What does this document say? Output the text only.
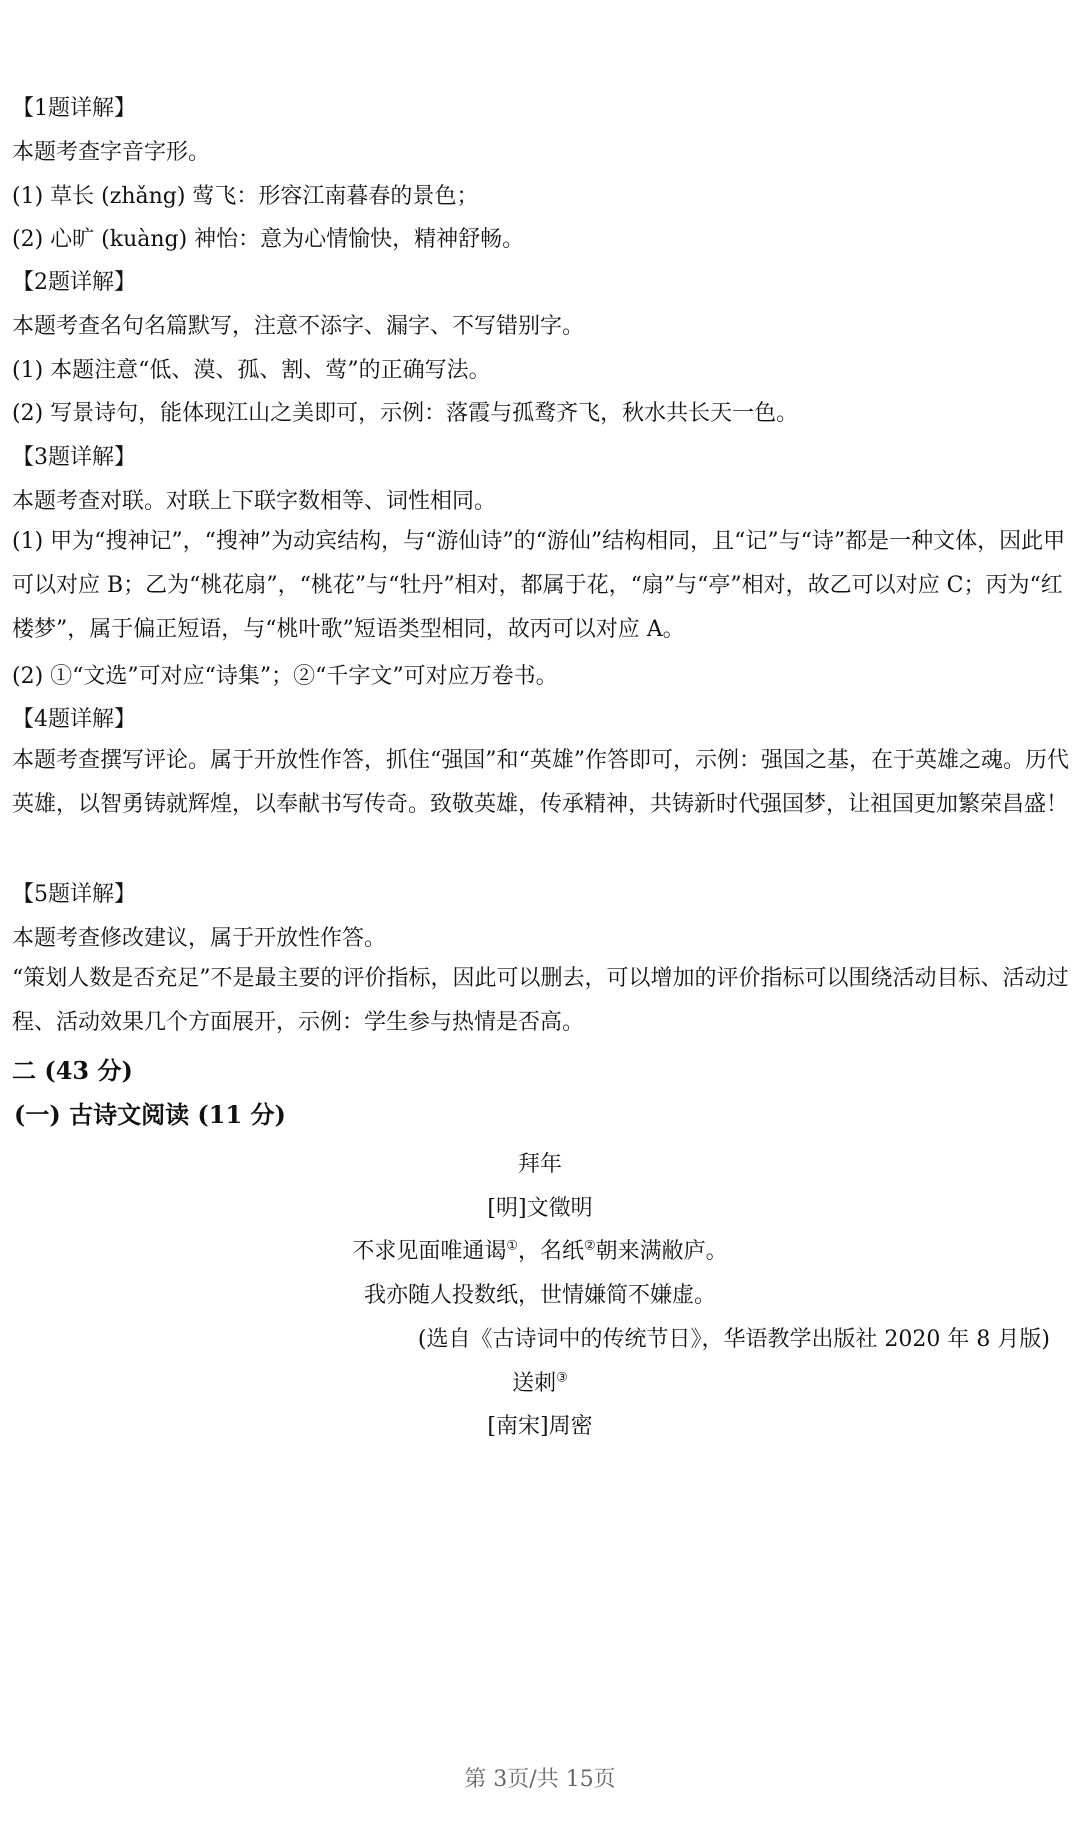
【1题详解】

本题考查字音字形。

(1) 草长 (zhǎng) 莺飞：形容江南暮春的景色；

(2) 心旷 (kuàng) 神怡：意为心情愉快，精神舒畅。

【2题详解】

本题考查名句名篇默写，注意不添字、漏字、不写错别字。

(1) 本题注意“低、漠、孤、割、莺”的正确写法。

(2) 写景诗句，能体现江山之美即可，示例：落霞与孤鹜齐飞，秋水共长天一色。

【3题详解】

本题考查对联。对联上下联字数相等、词性相同。

(1) 甲为“搜神记”，“搜神”为动宾结构，与“游仙诗”的“游仙”结构相同，且“记”与“诗”都是一种文体，因此甲可以对应 B；乙为“桃花扇”，“桃花”与“牡丹”相对，都属于花，“扇”与“亭”相对，故乙可以对应 C；丙为“红楼梦”，属于偏正短语，与“桃叶歌”短语类型相同，故丙可以对应 A。

(2) ①“文选”可对应“诗集”；②“千字文”可对应万卷书。

【4题详解】

本题考查撰写评论。属于开放性作答，抓住“强国”和“英雄”作答即可，示例：强国之基，在于英雄之魂。历代英雄，以智勇铸就辉煌，以奉献书写传奇。致敬英雄，传承精神，共铸新时代强国梦，让祖国更加繁荣昌盛！

【5题详解】

本题考查修改建议，属于开放性作答。

“策划人数是否充足”不是最主要的评价指标，因此可以删去，可以增加的评价指标可以围绕活动目标、活动过程、活动效果几个方面展开，示例：学生参与热情是否高。

二 (43 分)

(一) 古诗文阅读 (11 分)

拜年

[明]文徵明

不求见面唯通谒①，名纸②朝来满敝庐。

我亦随人投数纸，世情嫌简不嫌虚。

(选自《古诗词中的传统节日》，华语教学出版社 2020 年 8 月版)

送刺③

[南宋]周密

第 3页/共 15页
